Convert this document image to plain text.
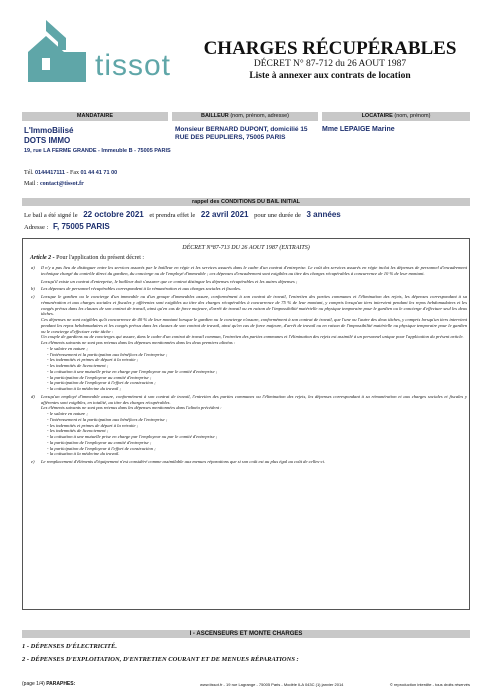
tissot
CHARGES RÉCUPÉRABLES
DÉCRET N° 87-712 du 26 AOUT 1987
Liste à annexer aux contrats de location
MANDATAIRE	BAILLEUR (nom, prénom, adresse)	LOCATAIRE (nom, prénom)
L'ImmoBilisé
DOTS IMMO
19, rue LA FERME GRANDE - Immeuble B - 75005 PARIS
Tél. 0144417111 - Fax 01 44 41 71 00
Mail : contact@tissot.fr
Monsieur BERNARD DUPONT, domicilié 15 RUE DES PEUPLIERS, 75005 PARIS
Mme LEPAIGE Marine
rappel des CONDITIONS DU BAIL INITIAL
Le bail a été signé le 22 octobre 2021 et prendra effet le 22 avril 2021 pour une durée de 3 années
Adresse : F, 75005 PARIS
DÉCRET N°87-713 DU 26 AOUT 1987 (EXTRAITS)
Article 2 - Pour l'application du présent décret :
a) Il n'y a pas lieu de distinguer entre les services assurés par le bailleur en régie et les services assurés dans le cadre d'un contrat d'entreprise. Le coût des services assurés en régie inclut les dépenses de personnel d'encadrement technique chargé du contrôle direct du gardien, du concierge ou de l'employé d'immeuble ; ces dépenses d'encadrement sont exigibles au titre des charges récupérables à concurrence de 10 % de leur montant.

Lorsqu'il existe un contrat d'entreprise, le bailleur doit s'assurer que ce contrat distingue les dépenses récupérables et les autres dépenses ;

b) Les dépenses de personnel récupérables correspondent à la rémunération et aux charges sociales et fiscales.

c) Lorsque le gardien ou le concierge d'un immeuble ou d'un groupe d'immeubles assure, conformément à son contrat de travail, l'entretien des parties communes et l'élimination des rejets, les dépenses correspondant à sa rémunération et aux charges sociales et fiscales y afférentes sont exigibles au titre des charges récupérables à concurrence de 75 % de leur montant, y compris lorsqu'un tiers intervient pendant les repos hebdomadaires et les congés prévus dans les clauses de son contrat de travail, ainsi qu'en cas de force majeure, d'arrêt de travail ou en raison de l'impossibilité matérielle ou physique temporaire pour le gardien ou le concierge d'effectuer seul les deux tâches.

Ces dépenses ne sont exigibles qu'à concurrence de 40 % de leur montant lorsque le gardien ou le concierge n'assure, conformément à son contrat de travail, que l'une ou l'autre des deux tâches, y compris lorsqu'un tiers intervient pendant les repos hebdomadaires et les congés prévus dans les clauses de son contrat de travail, ainsi qu'en cas de force majeure, d'arrêt de travail ou en raison de l'impossibilité matérielle ou physique temporaire pour le gardien ou le concierge d'effectuer cette tâche :

Un couple de gardiens ou de concierges qui assure, dans le cadre d'un contrat de travail commun, l'entretien des parties communes et l'élimination des rejets est assimilé à un personnel unique pour l'application du présent article.

Les éléments suivants ne sont pas retenus dans les dépenses mentionnées dans les deux premiers alinéas :

- le salaire en nature ;
- l'intéressement et la participation aux bénéfices de l'entreprise ;
- les indemnités et primes de départ à la retraite ;
- les indemnités de licenciement ;
- la cotisation à une mutuelle prise en charge par l'employeur ou par le comité d'entreprise ;
- la participation de l'employeur au comité d'entreprise ;
- la participation de l'employeur à l'effort de construction ;
- la cotisation à la médecine du travail ;
d) Lorsqu'un employé d'immeuble assure, conformément à son contrat de travail, l'entretien des parties communes ou l'élimination des rejets, les dépenses correspondant à sa rémunération et aux charges sociales et fiscales y afférentes sont exigibles, en totalité, au titre des charges récupérables.

Les éléments suivants ne sont pas retenus dans les dépenses mentionnées dans l'alinéa précédent :

- le salaire en nature ;
- l'intéressement et la participation aux bénéfices de l'entreprise ;
- les indemnités et primes de départ à la retraite ;
- les indemnités de licenciement ;
- la cotisation à une mutuelle prise en charge par l'employeur ou par le comité d'entreprise ;
- la participation de l'employeur au comité d'entreprise ;
- la participation de l'employeur à l'effort de construction ;
- la cotisation à la médecine du travail.
e) Le remplacement d'éléments d'équipement n'est considéré comme assimilable aux menues réparations que si son coût est au plus égal au coût de celles-ci.

I - ASCENSEURS ET MONTE CHARGES
1 - DÉPENSES D'ÉLECTRICITÉ.
2 - DÉPENSES D'EXPLOITATION, D'ENTRETIEN COURANT ET DE MENUES RÉPARATIONS :
(page 1/4) PARAPHES:	www.tissot.fr - 19 rue Lagrange - 75005 Paris - Modèle ILA 043C (1) janvier 2014	© reproduction interdite - tous droits réservés
